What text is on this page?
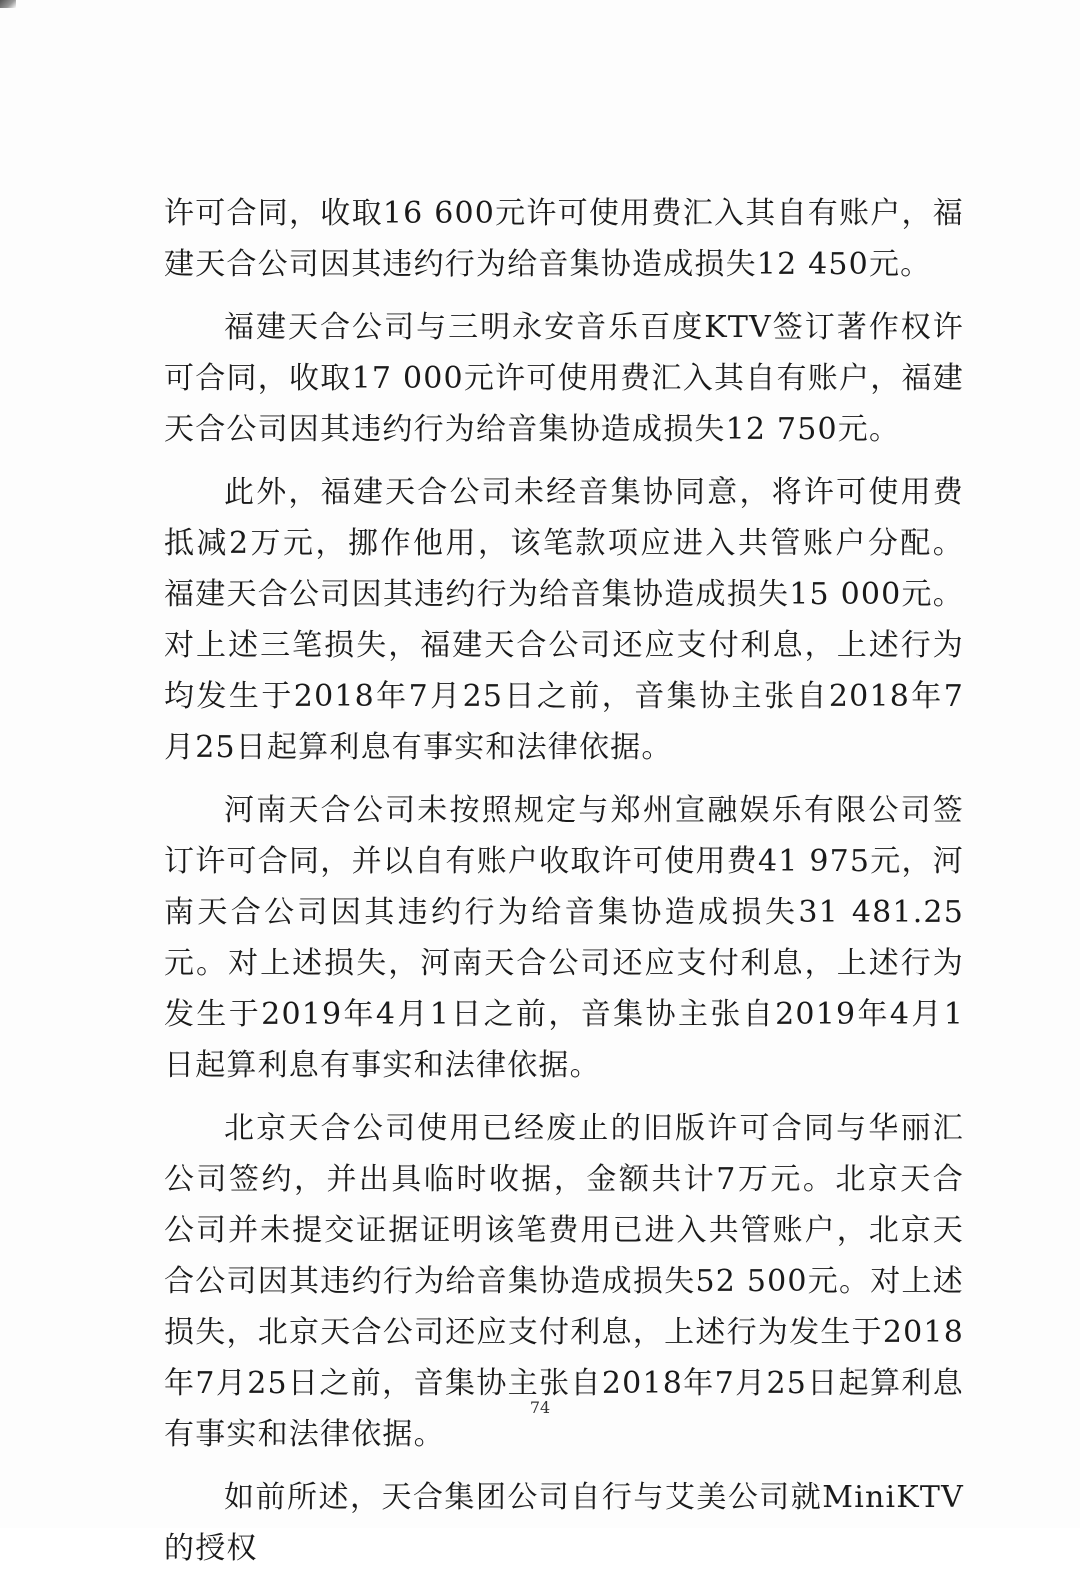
许可合同，收取16 600元许可使用费汇入其自有账户，福建天合公司因其违约行为给音集协造成损失12 450元。

福建天合公司与三明永安音乐百度KTV签订著作权许可合同，收取17 000元许可使用费汇入其自有账户，福建天合公司因其违约行为给音集协造成损失12 750元。

此外，福建天合公司未经音集协同意，将许可使用费抵减2万元，挪作他用，该笔款项应进入共管账户分配。福建天合公司因其违约行为给音集协造成损失15 000元。对上述三笔损失，福建天合公司还应支付利息，上述行为均发生于2018年7月25日之前，音集协主张自2018年7月25日起算利息有事实和法律依据。

河南天合公司未按照规定与郑州宣融娱乐有限公司签订许可合同，并以自有账户收取许可使用费41 975元，河南天合公司因其违约行为给音集协造成损失31 481.25元。对上述损失，河南天合公司还应支付利息，上述行为发生于2019年4月1日之前，音集协主张自2019年4月1日起算利息有事实和法律依据。

北京天合公司使用已经废止的旧版许可合同与华丽汇公司签约，并出具临时收据，金额共计7万元。北京天合公司并未提交证据证明该笔费用已进入共管账户，北京天合公司因其违约行为给音集协造成损失52 500元。对上述损失，北京天合公司还应支付利息，上述行为发生于2018年7月25日之前，音集协主张自2018年7月25日起算利息有事实和法律依据。

如前所述，天合集团公司自行与艾美公司就MiniKTV的授权

74
